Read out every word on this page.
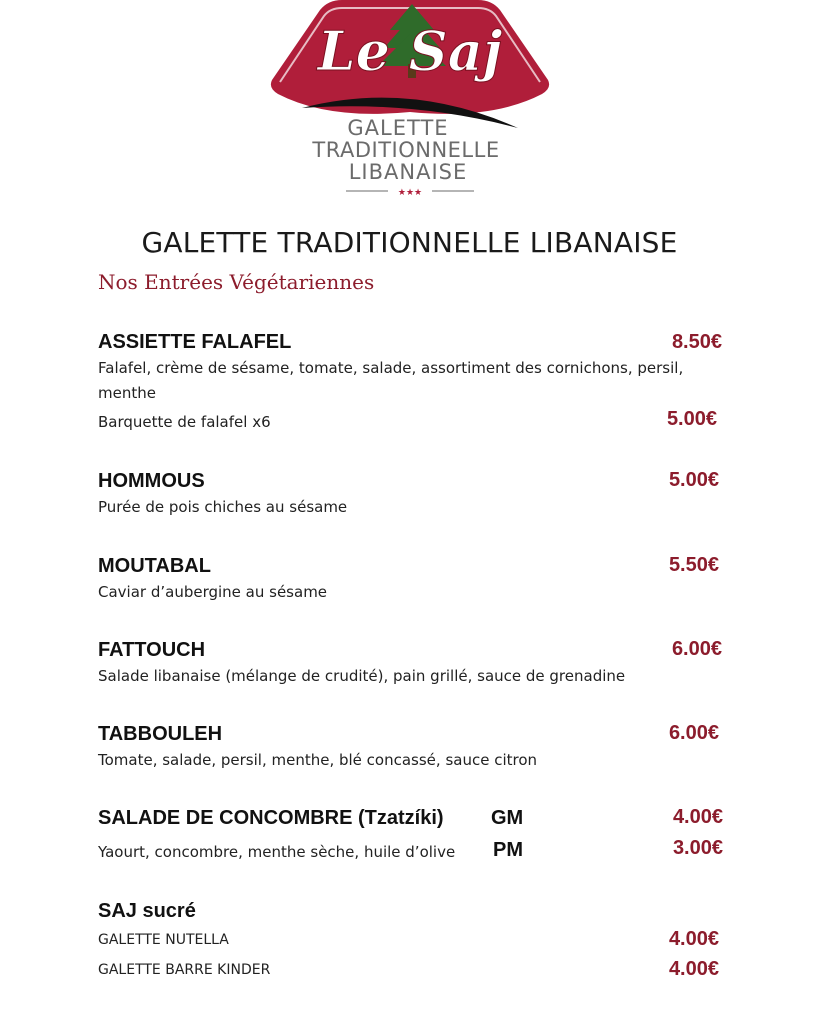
Le Saj
GALETTE
TRADITIONNELLE
LIBANAISE
★★★
GALETTE TRADITIONNELLE LIBANAISE
Nos Entrées Végétariennes
ASSIETTE FALAFEL	8.50€
Falafel, crème de sésame, tomate, salade, assortiment des cornichons, persil,
menthe
Barquette de falafel x6	5.00€
HOMMOUS	5.00€
Purée de pois chiches au sésame
MOUTABAL	5.50€
Caviar d’aubergine au sésame
FATTOUCH	6.00€
Salade libanaise (mélange de crudité), pain grillé, sauce de grenadine
TABBOULEH	6.00€
Tomate, salade, persil, menthe, blé concassé, sauce citron
SALADE DE CONCOMBRE (Tzatzíki) GM	4.00€
Yaourt, concombre, menthe sèche, huile d’olive PM	3.00€
SAJ sucré
GALETTE NUTELLA	4.00€
GALETTE BARRE KINDER	4.00€
